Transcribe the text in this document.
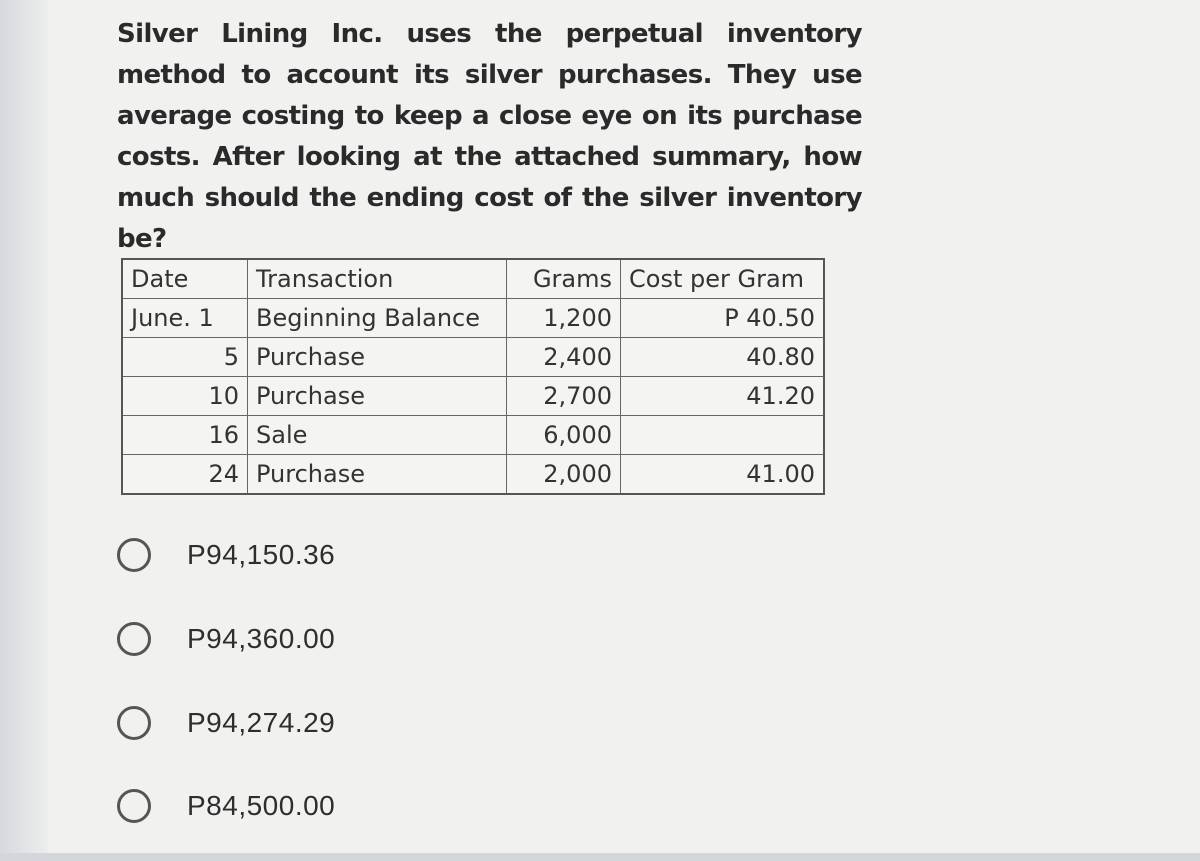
Silver Lining Inc. uses the perpetual inventory method to account its silver purchases. They use average costing to keep a close eye on its purchase costs. After looking at the attached summary, how much should the ending cost of the silver inventory be?
Date	Transaction	Grams	Cost per Gram
June. 1	Beginning Balance	1,200	P 40.50
5	Purchase	2,400	40.80
10	Purchase	2,700	41.20
16	Sale	6,000	
24	Purchase	2,000	41.00
P94,150.36
P94,360.00
P94,274.29
P84,500.00
